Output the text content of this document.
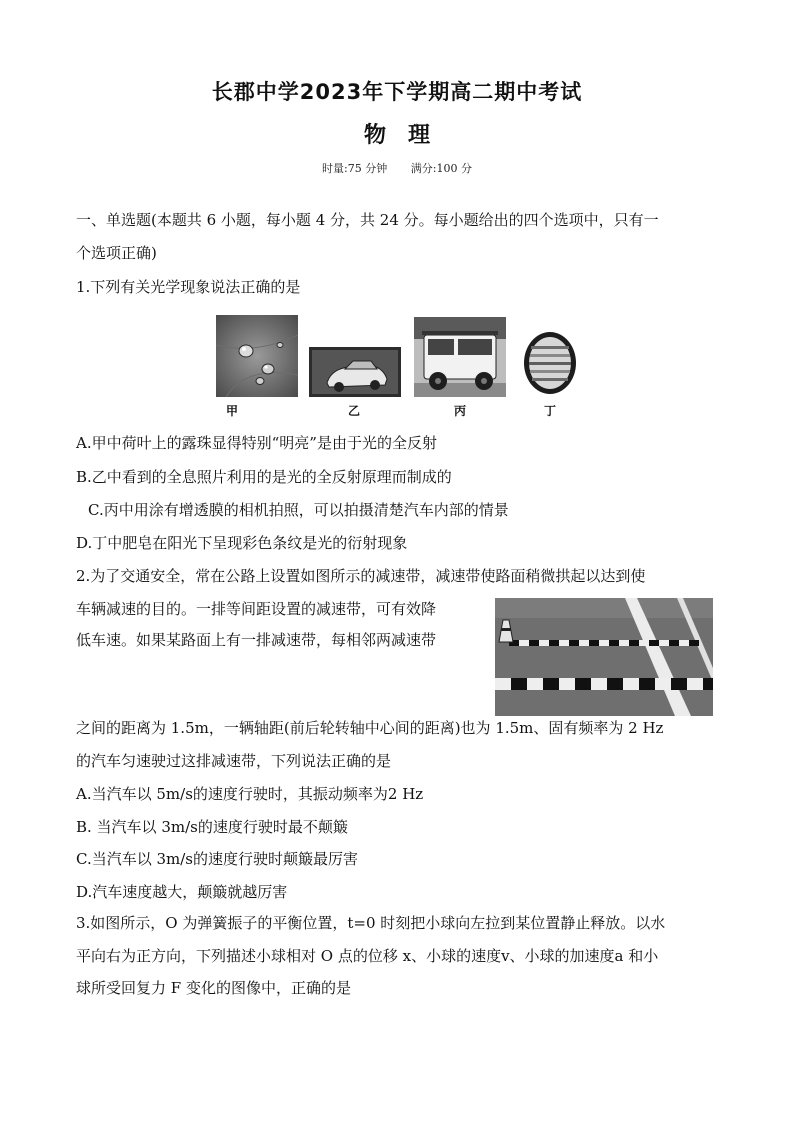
长郡中学2023年下学期高二期中考试
物　理
时量:75 分钟 满分:100 分
一、单选题(本题共 6 小题，每小题 4 分，共 24 分。每小题给出的四个选项中，只有一
个选项正确)
1.下列有关光学现象说法正确的是
甲	乙	丙	丁
A.甲中荷叶上的露珠显得特别“明亮”是由于光的全反射
B.乙中看到的全息照片利用的是光的全反射原理而制成的
C.丙中用涂有增透膜的相机拍照，可以拍摄清楚汽车内部的情景
D.丁中肥皂在阳光下呈现彩色条纹是光的衍射现象
2.为了交通安全，常在公路上设置如图所示的减速带，减速带使路面稍微拱起以达到使
车辆减速的目的。一排等间距设置的减速带，可有效降
低车速。如果某路面上有一排减速带，每相邻两减速带
之间的距离为 1.5m，一辆轴距(前后轮转轴中心间的距离)也为 1.5m、固有频率为 2 Hz
的汽车匀速驶过这排减速带，下列说法正确的是
A.当汽车以 5m/s的速度行驶时，其振动频率为2 Hz
B. 当汽车以 3m/s的速度行驶时最不颠簸
C.当汽车以 3m/s的速度行驶时颠簸最厉害
D.汽车速度越大，颠簸就越厉害
3.如图所示，O 为弹簧振子的平衡位置，t=0 时刻把小球向左拉到某位置静止释放。以水
平向右为正方向，下列描述小球相对 O 点的位移 x、小球的速度v、小球的加速度a 和小
球所受回复力 F 变化的图像中，正确的是
